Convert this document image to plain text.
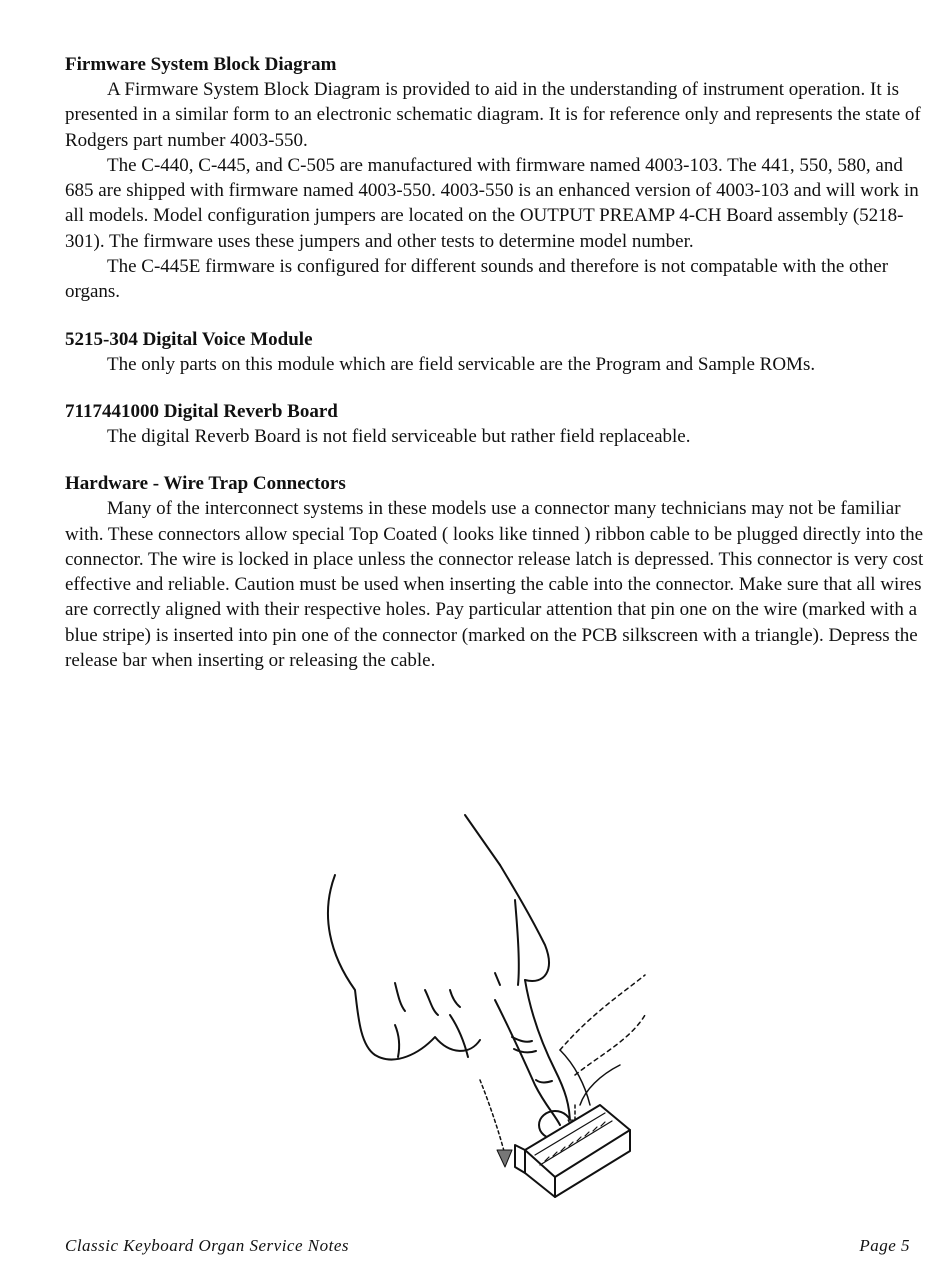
Firmware System Block Diagram

A Firmware System Block Diagram is provided to aid in the understanding of instrument operation. It is presented in a similar form to an electronic schematic diagram. It is for reference only and represents the state of Rodgers part number 4003-550.

The C-440, C-445, and C-505 are manufactured with firmware named 4003-103. The 441, 550, 580, and 685 are shipped with firmware named 4003-550. 4003-550 is an enhanced version of 4003-103 and will work in all models. Model configuration jumpers are located on the OUTPUT PREAMP 4-CH Board assembly (5218-301). The firmware uses these jumpers and other tests to determine model number.

The C-445E firmware is configured for different sounds and therefore is not compatable with the other organs.

5215-304 Digital Voice Module

The only parts on this module which are field servicable are the Program and Sample ROMs.

7117441000 Digital Reverb Board

The digital Reverb Board is not field serviceable but rather field replaceable.

Hardware - Wire Trap Connectors

Many of the interconnect systems in these models use a connector many technicians may not be familiar with. These connectors allow special Top Coated ( looks like tinned ) ribbon cable to be plugged directly into the connector. The wire is locked in place unless the connector release latch is depressed. This connector is very cost effective and reliable. Caution must be used when inserting the cable into the connector. Make sure that all wires are correctly aligned with their respective holes. Pay particular attention that pin one on the wire (marked with a blue stripe) is inserted into pin one of the connector (marked on the PCB silkscreen with a triangle). Depress the release bar when inserting or releasing the cable.

Classic Keyboard Organ Service Notes	Page 5
